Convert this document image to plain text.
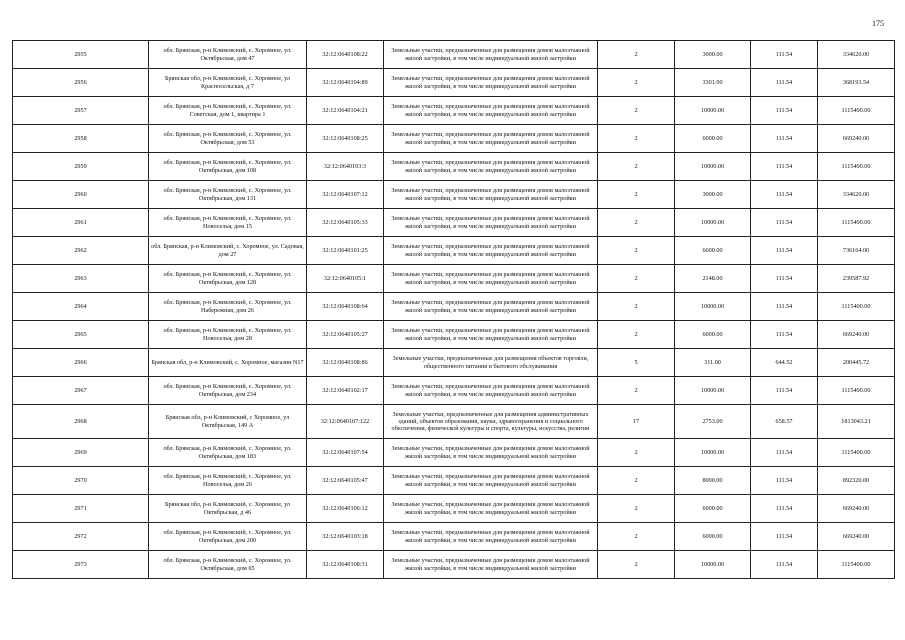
175
2955	обл. Брянская, р-н Климовский, с. Хоромное, ул. Октябрьская, дом 47	32:12:0640108:22	Земельные участки, предназначенные для размещения домов малоэтажной жилой застройки, в том числе индивидуальной жилой застройки	2	3000.00	111.54	334620.00
2956	Брянская обл, р-н Климовский, с. Хоромное, ул Красносельская, д 7	32:12:0640104:89	Земельные участки, предназначенные для размещения домов малоэтажной жилой застройки, в том числе индивидуальной жилой застройки	2	3301.00	111.54	368193.54
2957	обл. Брянская, р-н Климовский, с. Хоромное, ул. Советская, дом 1, квартира 1	32:12:0640104:21	Земельные участки, предназначенные для размещения домов малоэтажной жилой застройки, в том числе индивидуальной жилой застройки	2	10000.00	111.54	1115400.00
2958	обл. Брянская, р-н Климовский, с. Хоромное, ул. Октябрьская, дом 53	32:12:0640108:25	Земельные участки, предназначенные для размещения домов малоэтажной жилой застройки, в том числе индивидуальной жилой застройки	2	6000.00	111.54	669240.00
2959	обл. Брянская, р-н Климовский, с. Хоромное, ул. Октябрьская, дом 108	32:12:0640103:3	Земельные участки, предназначенные для размещения домов малоэтажной жилой застройки, в том числе индивидуальной жилой застройки	2	10000.00	111.54	1115400.00
2960	обл. Брянская, р-н Климовский, с. Хоромное, ул. Октябрьская, дом 131	32:12:0640107:12	Земельные участки, предназначенные для размещения домов малоэтажной жилой застройки, в том числе индивидуальной жилой застройки	2	3000.00	111.54	334620.00
2961	обл. Брянская, р-н Климовский, с. Хоромное, ул. Новоселья, дом 15	32:12:0640105:33	Земельные участки, предназначенные для размещения домов малоэтажной жилой застройки, в том числе индивидуальной жилой застройки	2	10000.00	111.54	1115400.00
2962	обл. Брянская, р-н Климовский, с. Хоромное, ул. Садовая, дом 27	32:12:0640101:25	Земельные участки, предназначенные для размещения домов малоэтажной жилой застройки, в том числе индивидуальной жилой застройки	2	6600.00	111.54	736164.00
2963	обл. Брянская, р-н Климовский, с. Хоромное, ул. Октябрьская, дом 128	32:12:0640105:1	Земельные участки, предназначенные для размещения домов малоэтажной жилой застройки, в том числе индивидуальной жилой застройки	2	2148.00	111.54	239587.92
2964	обл. Брянская, р-н Климовский, с. Хоромное, ул. Набережная, дом 26	32:12:0640108:64	Земельные участки, предназначенные для размещения домов малоэтажной жилой застройки, в том числе индивидуальной жилой застройки	2	10000.00	111.54	1115400.00
2965	обл. Брянская, р-н Климовский, с. Хоромное, ул. Новоселья, дом 28	32:12:0640105:27	Земельные участки, предназначенные для размещения домов малоэтажной жилой застройки, в том числе индивидуальной жилой застройки	2	6000.00	111.54	669240.00
2966	Брянская обл, р-н Климовский, с. Хоромное, магазин N17	32:12:0640108:86	Земельные участки, предназначенные для размещения объектов торговли, общественного питания и бытового обслуживания	5	311.00	644.52	200445.72
2967	обл. Брянская, р-н Климовский, с. Хоромное, ул. Октябрьская, дом 234	32:12:0640102:17	Земельные участки, предназначенные для размещения домов малоэтажной жилой застройки, в том числе индивидуальной жилой застройки	2	10000.00	111.54	1115400.00
2968	Брянская обл, р-н Климовский, с Хоромное, ул Октябрьская, 149 А	32:12:0640107:122	Земельные участки, предназначенные для размещения административных зданий, объектов образования, науки, здравоохранения и социального обеспечения, физической культуры и спорта, культуры, искусства, религии	17	2753.00	658.57	1813043.21
2969	обл. Брянская, р-н Климовский, с. Хоромное, ул. Октябрьская, дом 183	32:12:0640107:54	Земельные участки, предназначенные для размещения домов малоэтажной жилой застройки, в том числе индивидуальной жилой застройки	2	10000.00	111.54	1115400.00
2970	обл. Брянская, р-н Климовский, с. Хоромное, ул. Новоселья, дом 26	32:12:0640105:47	Земельные участки, предназначенные для размещения домов малоэтажной жилой застройки, в том числе индивидуальной жилой застройки	2	8000.00	111.54	892320.00
2971	Брянская обл, р-н Климовский, с. Хоромное, ул Октябрьская, д 46	32:12:0640106:12	Земельные участки, предназначенные для размещения домов малоэтажной жилой застройки, в том числе индивидуальной жилой застройки	2	6000.00	111.54	669240.00
2972	обл. Брянская, р-н Климовский, с. Хоромное, ул. Октябрьская, дом 200	32:12:0640103:18	Земельные участки, предназначенные для размещения домов малоэтажной жилой застройки, в том числе индивидуальной жилой застройки	2	6000.00	111.54	669240.00
2973	обл. Брянская, р-н Климовский, с. Хоромное, ул. Октябрьская, дом 65	32:12:0640108:31	Земельные участки, предназначенные для размещения домов малоэтажной жилой застройки, в том числе индивидуальной жилой застройки	2	10000.00	111.54	1115400.00
